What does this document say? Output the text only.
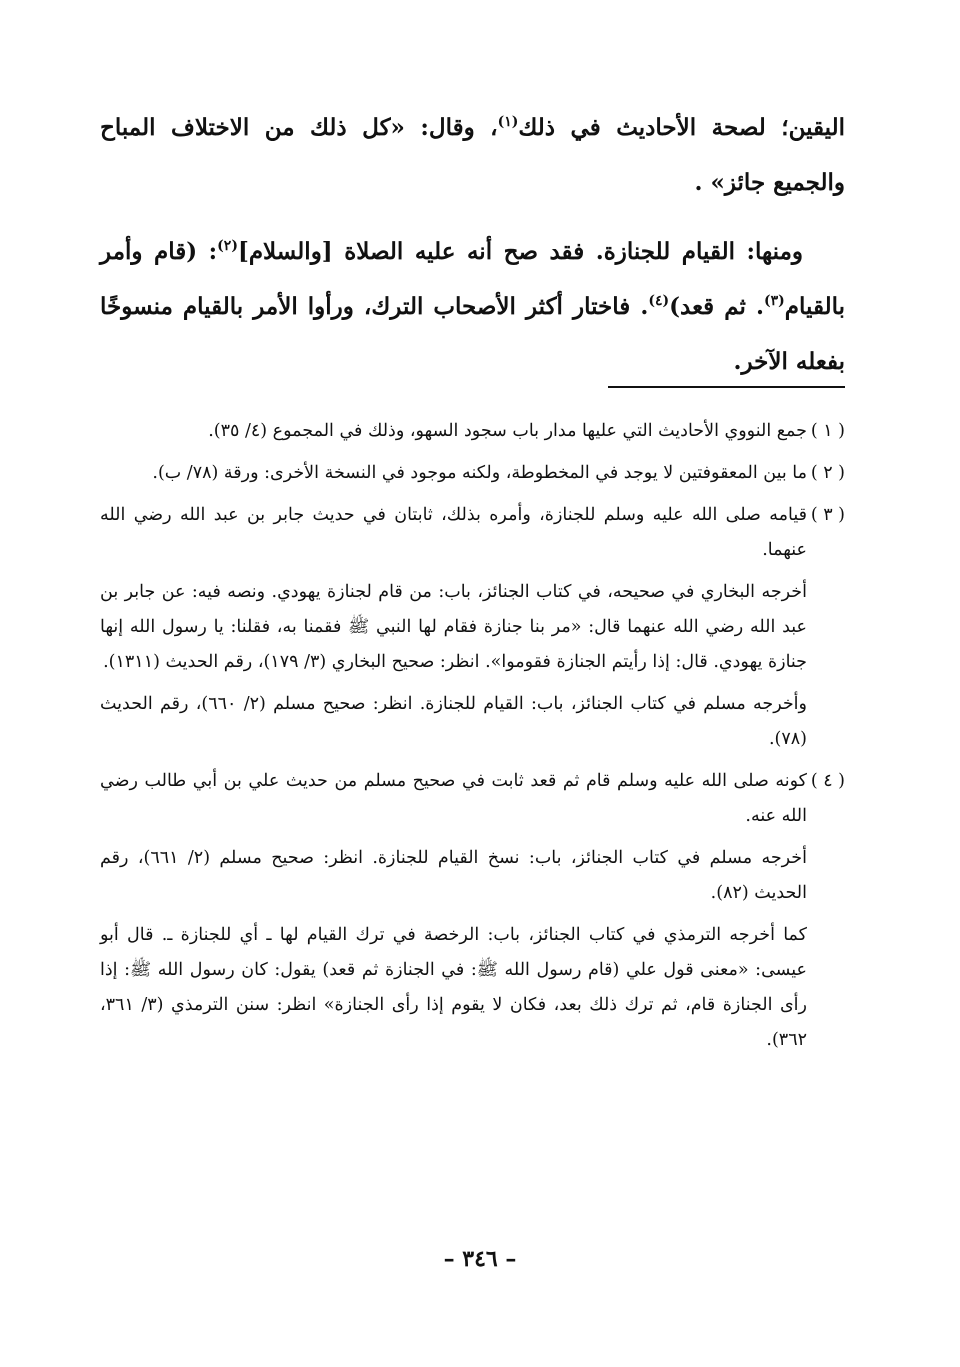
اليقين؛ لصحة الأحاديث في ذلك$^{(١)}$، وقال: «كل ذلك من الاختلاف المباح والجميع جائز» .

ومنها: القيام للجنازة. فقد صح أنه عليه الصلاة [والسلام]$^{(٢)}$: (قام وأمر بالقيام$^{(٣)}$. ثم قعد)$^{(٤)}$. فاختار أكثر الأصحاب الترك، ورأوا الأمر بالقيام منسوخًا بفعله الآخر.

( ١ )
جمع النووي الأحاديث التي عليها مدار باب سجود السهو، وذلك في المجموع (٤/ ٣٥).
( ٢ )
ما بين المعقوفتين لا يوجد في المخطوطة، ولكنه موجود في النسخة الأخرى: ورقة (٧٨/ ب).
( ٣ )
قيامه صلى الله عليه وسلم للجنازة، وأمره بذلك، ثابتان في حديث جابر بن عبد الله رضي الله عنهما.
أخرجه البخاري في صحيحه، في كتاب الجنائز، باب: من قام لجنازة يهودي. ونصه فيه: عن جابر بن عبد الله رضي الله عنهما قال: «مر بنا جنازة فقام لها النبي ﷺ فقمنا به، فقلنا: يا رسول الله إنها جنازة يهودي. قال: إذا رأيتم الجنازة فقوموا». انظر: صحيح البخاري (٣/ ١٧٩)، رقم الحديث (١٣١١).
وأخرجه مسلم في كتاب الجنائز، باب: القيام للجنازة. انظر: صحيح مسلم (٢/ ٦٦٠)، رقم الحديث (٧٨).
( ٤ )
كونه صلى الله عليه وسلم قام ثم قعد ثابت في صحيح مسلم من حديث علي بن أبي طالب رضي الله عنه.
أخرجه مسلم في كتاب الجنائز، باب: نسخ القيام للجنازة. انظر: صحيح مسلم (٢/ ٦٦١)، رقم الحديث (٨٢).
كما أخرجه الترمذي في كتاب الجنائز، باب: الرخصة في ترك القيام لها ـ أي للجنازة ـ. قال أبو عيسى: «معنى قول علي (قام رسول الله ﷺ: في الجنازة ثم قعد) يقول: كان رسول الله ﷺ: إذا رأى الجنازة قام، ثم ترك ذلك بعد، فكان لا يقوم إذا رأى الجنازة» انظر: سنن الترمذي (٣/ ٣٦١، ٣٦٢).
– ٣٤٦ –
